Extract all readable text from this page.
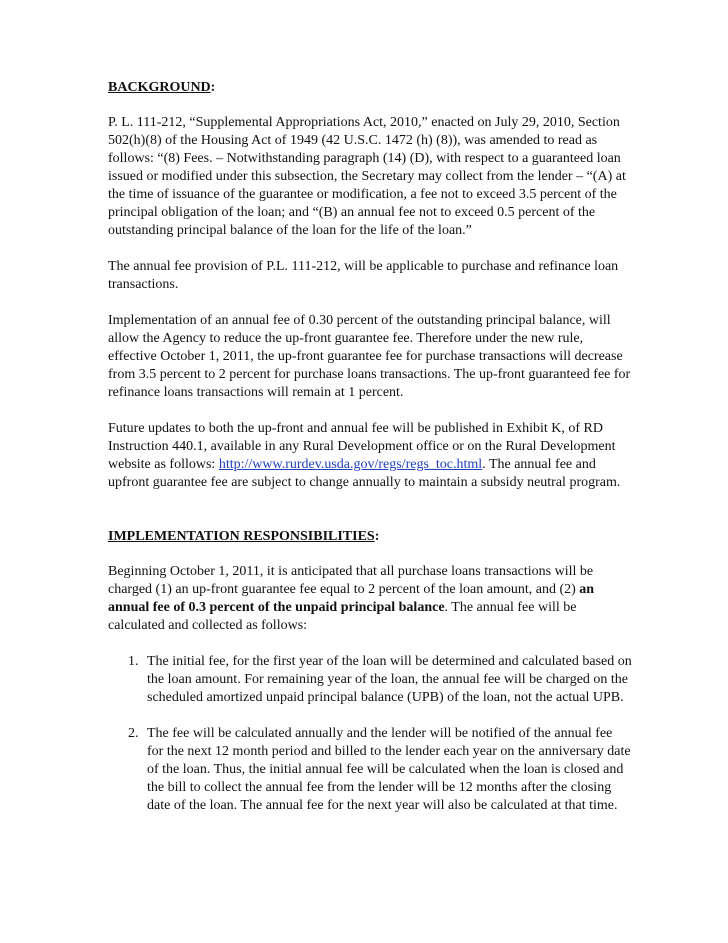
BACKGROUND:

P. L. 111-212, “Supplemental Appropriations Act, 2010,” enacted on July 29, 2010, Section 502(h)(8) of the Housing Act of 1949 (42 U.S.C. 1472 (h) (8)), was amended to read as follows: “(8) Fees. – Notwithstanding paragraph (14) (D), with respect to a guaranteed loan issued or modified under this subsection, the Secretary may collect from the lender – “(A) at the time of issuance of the guarantee or modification, a fee not to exceed 3.5 percent of the principal obligation of the loan; and “(B) an annual fee not to exceed 0.5 percent of the outstanding principal balance of the loan for the life of the loan.”

The annual fee provision of P.L. 111-212, will be applicable to purchase and refinance loan transactions.

Implementation of an annual fee of 0.30 percent of the outstanding principal balance, will allow the Agency to reduce the up-front guarantee fee. Therefore under the new rule, effective October 1, 2011, the up-front guarantee fee for purchase transactions will decrease from 3.5 percent to 2 percent for purchase loans transactions. The up-front guaranteed fee for refinance loans transactions will remain at 1 percent.

Future updates to both the up-front and annual fee will be published in Exhibit K, of RD Instruction 440.1, available in any Rural Development office or on the Rural Development website as follows: http://www.rurdev.usda.gov/regs/regs_toc.html. The annual fee and upfront guarantee fee are subject to change annually to maintain a subsidy neutral program.

IMPLEMENTATION RESPONSIBILITIES:

Beginning October 1, 2011, it is anticipated that all purchase loans transactions will be charged (1) an up-front guarantee fee equal to 2 percent of the loan amount, and (2) an annual fee of 0.3 percent of the unpaid principal balance. The annual fee will be calculated and collected as follows:

1. The initial fee, for the first year of the loan will be determined and calculated based on the loan amount. For remaining year of the loan, the annual fee will be charged on the scheduled amortized unpaid principal balance (UPB) of the loan, not the actual UPB.
2. The fee will be calculated annually and the lender will be notified of the annual fee for the next 12 month period and billed to the lender each year on the anniversary date of the loan. Thus, the initial annual fee will be calculated when the loan is closed and the bill to collect the annual fee from the lender will be 12 months after the closing date of the loan. The annual fee for the next year will also be calculated at that time.
